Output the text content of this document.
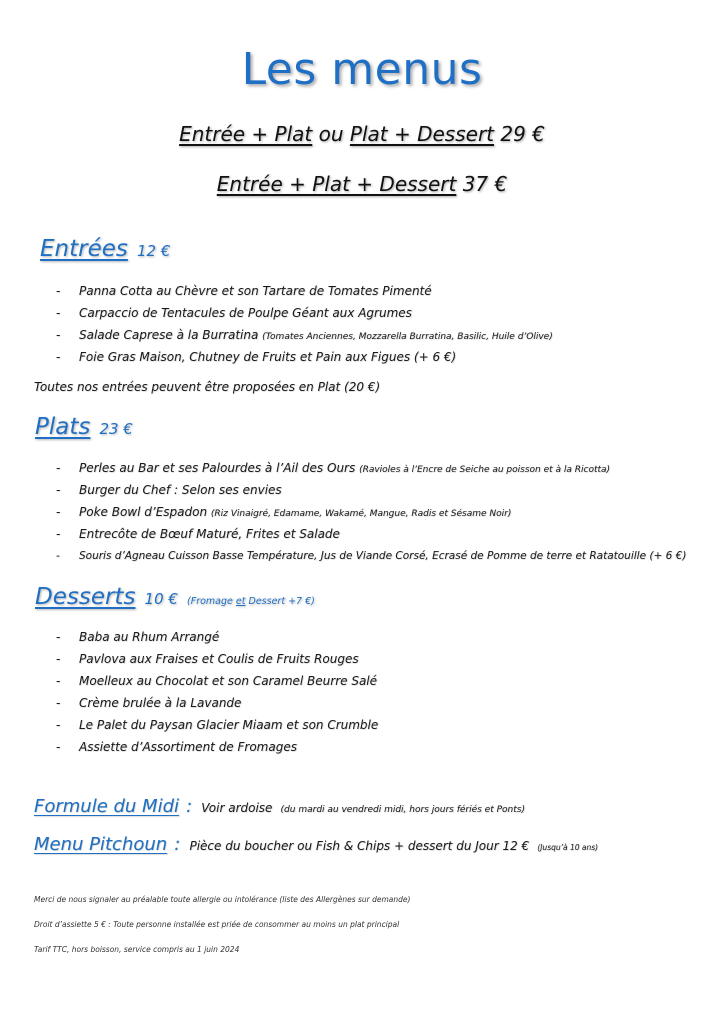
Les menus
Entrée + Plat ou Plat + Dessert 29 €
Entrée + Plat + Dessert 37 €
Entrées 12 €
- Panna Cotta au Chèvre et son Tartare de Tomates Pimenté
- Carpaccio de Tentacules de Poulpe Géant aux Agrumes
- Salade Caprese à la Burratina (Tomates Anciennes, Mozzarella Burratina, Basilic, Huile d’Olive)
- Foie Gras Maison, Chutney de Fruits et Pain aux Figues (+ 6 €)
Toutes nos entrées peuvent être proposées en Plat (20 €)
Plats 23 €
- Perles au Bar et ses Palourdes à l’Ail des Ours (Ravioles à l’Encre de Seiche au poisson et à la Ricotta)
- Burger du Chef : Selon ses envies
- Poke Bowl d’Espadon (Riz Vinaigré, Edamame, Wakamé, Mangue, Radis et Sésame Noir)
- Entrecôte de Bœuf Maturé, Frites et Salade
- Souris d’Agneau Cuisson Basse Température, Jus de Viande Corsé, Ecrasé de Pomme de terre et Ratatouille (+ 6 €)
Desserts 10 € (Fromage et Dessert +7 €)
- Baba au Rhum Arrangé
- Pavlova aux Fraises et Coulis de Fruits Rouges
- Moelleux au Chocolat et son Caramel Beurre Salé
- Crème brulée à la Lavande
- Le Palet du Paysan Glacier Miaam et son Crumble
- Assiette d’Assortiment de Fromages
Formule du Midi : Voir ardoise (du mardi au vendredi midi, hors jours fériés et Ponts)
Menu Pitchoun : Pièce du boucher ou Fish & Chips + dessert du Jour 12 € (Jusqu’à 10 ans)
Merci de nous signaler au préalable toute allergie ou intolérance (liste des Allergènes sur demande)
Droit d’assiette 5 € : Toute personne installée est priée de consommer au moins un plat principal
Tarif TTC, hors boisson, service compris au 1 juin 2024
